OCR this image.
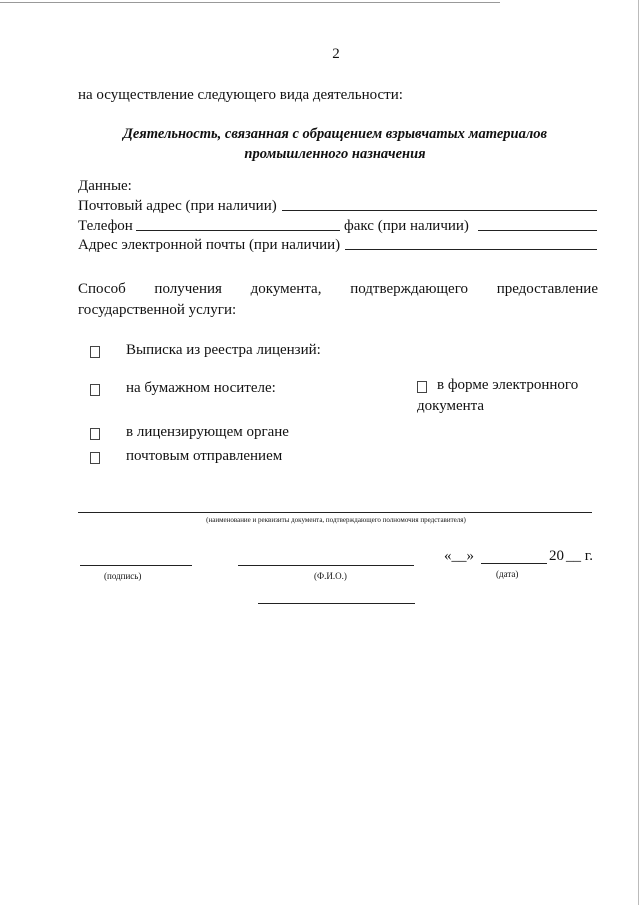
2
на осуществление следующего вида деятельности:
Деятельность, связанная с обращением взрывчатых материалов
промышленного назначения
Данные:
Почтовый адрес (при наличии)
Телефон	факс (при наличии)
Адрес электронной почты (при наличии)
Способ получения документа, подтверждающего предоставление
государственной услуги:
Выписка из реестра лицензий:
на бумажном носителе:	в форме электронного
документа
в лицензирующем органе
почтовым отправлением
(наименование и реквизиты документа, подтверждающего полномочия представителя)
(подпись)	(Ф.И.О.)
«__»	20 __ г.
(дата)
